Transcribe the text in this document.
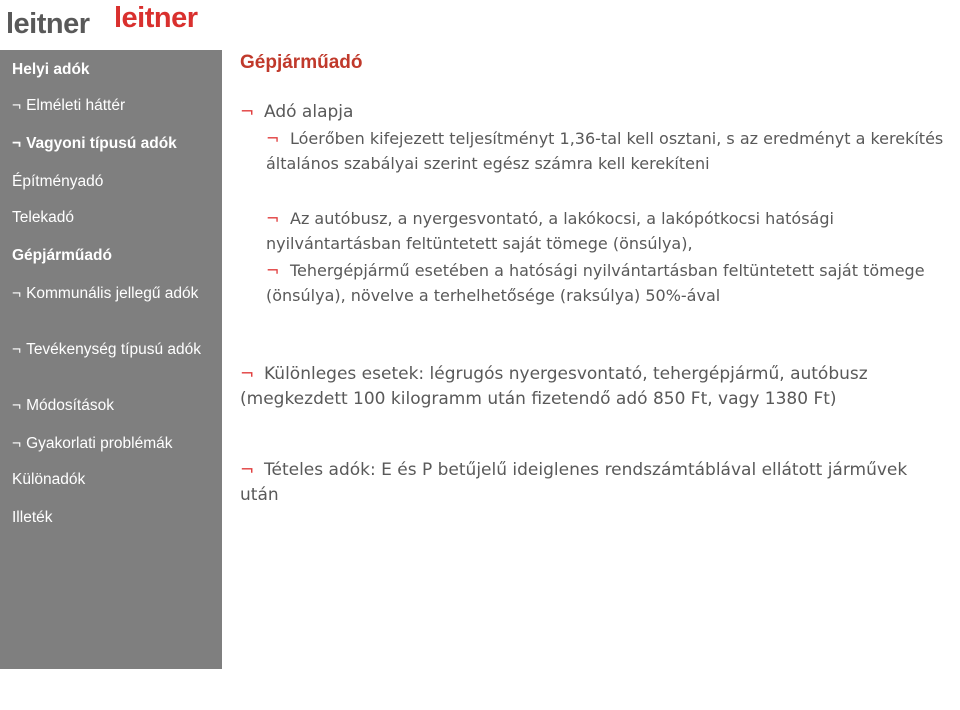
leitner leitner
Helyi adók
¬ Elméleti háttér
¬ Vagyoni típusú adók
Építményadó
Telekadó
Gépjárműadó
¬ Kommunális jellegű adók
¬ Tevékenység típusú adók
¬ Módosítások
¬ Gyakorlati problémák
Különadók
Illeték
11	2015.02.17.
Gépjárműadó
¬ Adó alapja
¬ Lóerőben kifejezett teljesítményt 1,36-tal kell osztani, s az eredményt a kerekítés általános szabályai szerint egész számra kell kerekíteni
¬ Az autóbusz, a nyergesvontató, a lakókocsi, a lakópótkocsi hatósági nyilvántartásban feltüntetett saját tömege (önsúlya),
¬ Tehergépjármű esetében a hatósági nyilvántartásban feltüntetett saját tömege (önsúlya), növelve a terhelhetősége (raksúlya) 50%-ával
¬ Különleges esetek: légrugós nyergesvontató, tehergépjármű, autóbusz (megkezdett 100 kilogramm után fizetendő adó 850 Ft, vagy 1380 Ft)
¬ Tételes adók: E és P betűjelű ideiglenes rendszámtáblával ellátott járművek után
